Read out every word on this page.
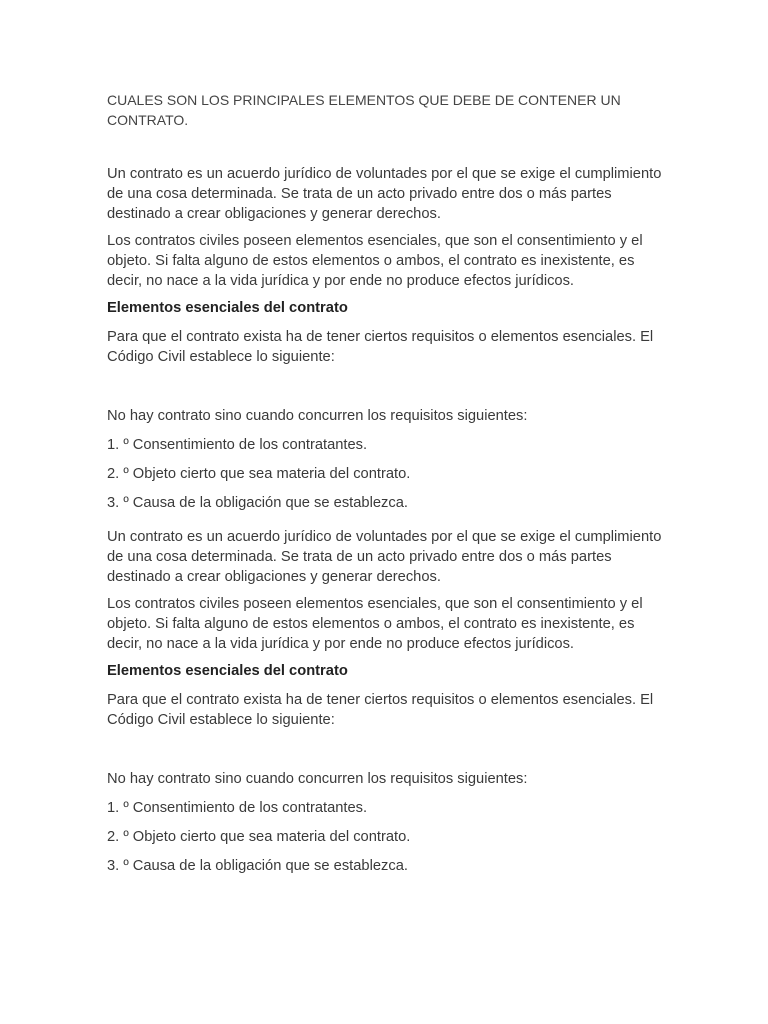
CUALES SON LOS PRINCIPALES ELEMENTOS QUE DEBE DE CONTENER UN CONTRATO.

Un contrato es un acuerdo jurídico de voluntades por el que se exige el cumplimiento de una cosa determinada. Se trata de un acto privado entre dos o más partes destinado a crear obligaciones y generar derechos.

Los contratos civiles poseen elementos esenciales, que son el consentimiento y el objeto. Si falta alguno de estos elementos o ambos, el contrato es inexistente, es decir, no nace a la vida jurídica y por ende no produce efectos jurídicos.

Elementos esenciales del contrato

Para que el contrato exista ha de tener ciertos requisitos o elementos esenciales. El Código Civil establece lo siguiente:

No hay contrato sino cuando concurren los requisitos siguientes:

1. º Consentimiento de los contratantes.

2. º Objeto cierto que sea materia del contrato.

3. º Causa de la obligación que se establezca.

Un contrato es un acuerdo jurídico de voluntades por el que se exige el cumplimiento de una cosa determinada. Se trata de un acto privado entre dos o más partes destinado a crear obligaciones y generar derechos.

Los contratos civiles poseen elementos esenciales, que son el consentimiento y el objeto. Si falta alguno de estos elementos o ambos, el contrato es inexistente, es decir, no nace a la vida jurídica y por ende no produce efectos jurídicos.

Elementos esenciales del contrato

Para que el contrato exista ha de tener ciertos requisitos o elementos esenciales. El Código Civil establece lo siguiente:

No hay contrato sino cuando concurren los requisitos siguientes:

1. º Consentimiento de los contratantes.

2. º Objeto cierto que sea materia del contrato.

3. º Causa de la obligación que se establezca.
